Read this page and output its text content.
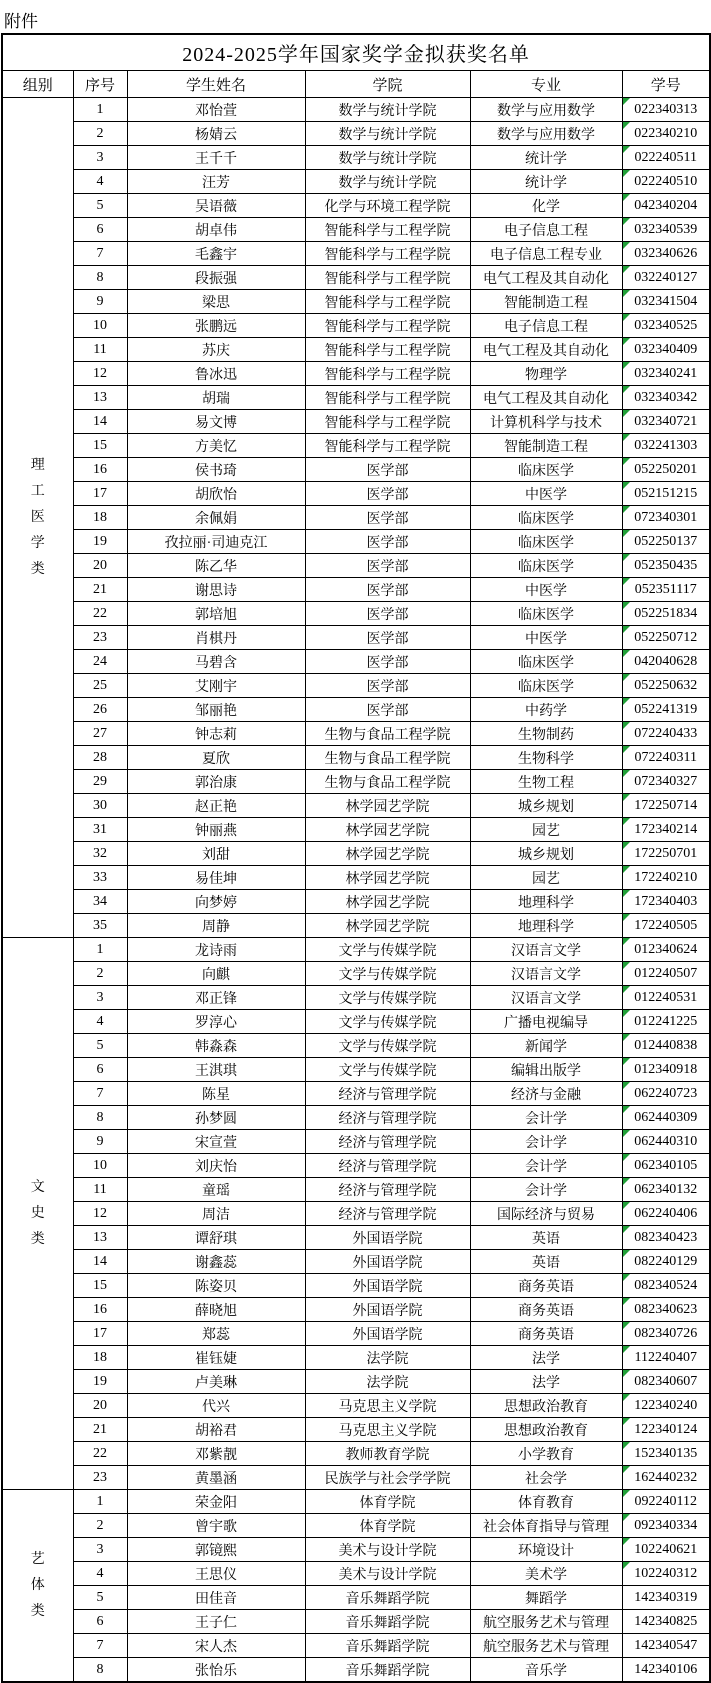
附件
2024-2025学年国家奖学金拟获奖名单					
组别	序号	学生姓名	学院	专业	学号

理
工
医
学
类	1	邓怡萱	数学与统计学院	数学与应用数学	022340313
	2	杨婧云	数学与统计学院	数学与应用数学	022340210
	3	王千千	数学与统计学院	统计学	022240511
	4	汪芳	数学与统计学院	统计学	022240510
	5	吴语薇	化学与环境工程学院	化学	042340204
	6	胡卓伟	智能科学与工程学院	电子信息工程	032340539
	7	毛鑫宇	智能科学与工程学院	电子信息工程专业	032340626
	8	段振强	智能科学与工程学院	电气工程及其自动化	032240127
	9	梁思	智能科学与工程学院	智能制造工程	032341504
	10	张鹏远	智能科学与工程学院	电子信息工程	032340525
	11	苏庆	智能科学与工程学院	电气工程及其自动化	032340409
	12	鲁冰迅	智能科学与工程学院	物理学	032340241
	13	胡瑞	智能科学与工程学院	电气工程及其自动化	032340342
	14	易文博	智能科学与工程学院	计算机科学与技术	032340721
	15	方美忆	智能科学与工程学院	智能制造工程	032241303
	16	侯书琦	医学部	临床医学	052250201
	17	胡欣怡	医学部	中医学	052151215
	18	余佩娟	医学部	临床医学	072340301
	19	孜拉丽·司迪克江	医学部	临床医学	052250137
	20	陈乙华	医学部	临床医学	052350435
	21	谢思诗	医学部	中医学	052351117
	22	郭培旭	医学部	临床医学	052251834
	23	肖棋丹	医学部	中医学	052250712
	24	马碧含	医学部	临床医学	042040628
	25	艾刚宇	医学部	临床医学	052250632
	26	邹丽艳	医学部	中药学	052241319
	27	钟志莉	生物与食品工程学院	生物制药	072240433
	28	夏欣	生物与食品工程学院	生物科学	072240311
	29	郭治康	生物与食品工程学院	生物工程	072340327
	30	赵正艳	林学园艺学院	城乡规划	172250714
	31	钟丽燕	林学园艺学院	园艺	172340214
	32	刘甜	林学园艺学院	城乡规划	172250701
	33	易佳坤	林学园艺学院	园艺	172240210
	34	向梦婷	林学园艺学院	地理科学	172340403
	35	周静	林学园艺学院	地理科学	172240505

文
史
类	1	龙诗雨	文学与传媒学院	汉语言文学	012340624
	2	向麒	文学与传媒学院	汉语言文学	012240507
	3	邓正锋	文学与传媒学院	汉语言文学	012240531
	4	罗淳心	文学与传媒学院	广播电视编导	012241225
	5	韩淼森	文学与传媒学院	新闻学	012440838
	6	王淇琪	文学与传媒学院	编辑出版学	012340918
	7	陈星	经济与管理学院	经济与金融	062240723
	8	孙梦圆	经济与管理学院	会计学	062440309
	9	宋宣萱	经济与管理学院	会计学	062440310
	10	刘庆怡	经济与管理学院	会计学	062340105
	11	童瑶	经济与管理学院	会计学	062340132
	12	周洁	经济与管理学院	国际经济与贸易	062240406
	13	谭舒琪	外国语学院	英语	082340423
	14	谢鑫蕊	外国语学院	英语	082240129
	15	陈姿贝	外国语学院	商务英语	082340524
	16	薛晓旭	外国语学院	商务英语	082340623
	17	郑蕊	外国语学院	商务英语	082340726
	18	崔钰婕	法学院	法学	112240407
	19	卢美琳	法学院	法学	082340607
	20	代兴	马克思主义学院	思想政治教育	122340240
	21	胡裕君	马克思主义学院	思想政治教育	122340124
	22	邓紫靓	教师教育学院	小学教育	152340135
	23	黄墨涵	民族学与社会学学院	社会学	162440232

艺
体
类	1	荣金阳	体育学院	体育教育	092240112
	2	曾宇歌	体育学院	社会体育指导与管理	092340334
	3	郭镜熙	美术与设计学院	环境设计	102240621
	4	王思仪	美术与设计学院	美术学	102240312
	5	田佳音	音乐舞蹈学院	舞蹈学	142340319
	6	王子仁	音乐舞蹈学院	航空服务艺术与管理	142340825
	7	宋人杰	音乐舞蹈学院	航空服务艺术与管理	142340547
	8	张怡乐	音乐舞蹈学院	音乐学	142340106
